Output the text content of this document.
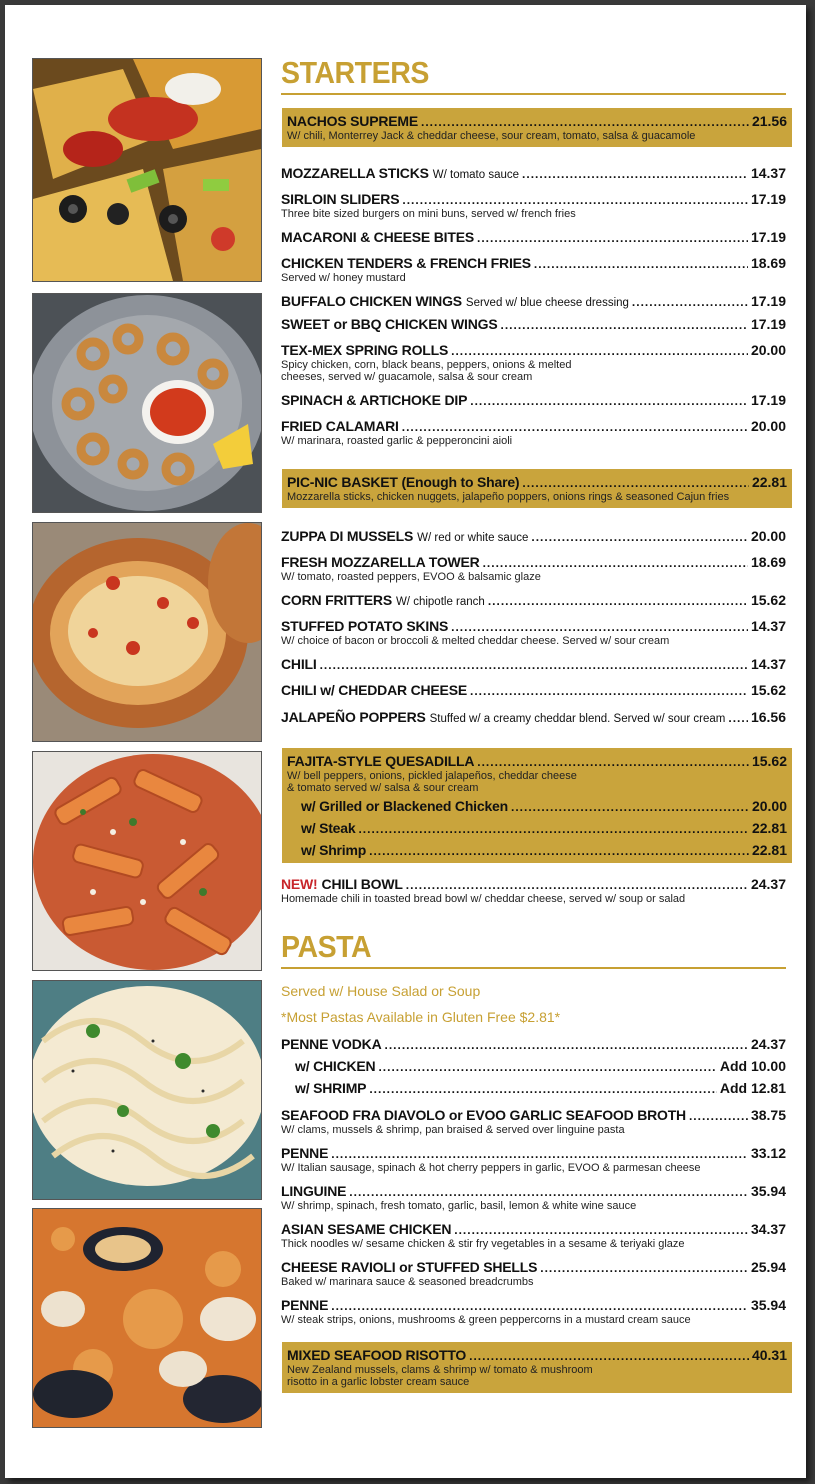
STARTERS
NACHOS SUPREME .....	21.56
W/ chili, Monterrey Jack & cheddar cheese, sour cream, tomato, salsa & guacamole
MOZZARELLA STICKS W/ tomato sauce .....	14.37
SIRLOIN SLIDERS .....	17.19
Three bite sized burgers on mini buns, served w/ french fries
MACARONI & CHEESE BITES .....	17.19
CHICKEN TENDERS & FRENCH FRIES .....	18.69
Served w/ honey mustard
BUFFALO CHICKEN WINGS Served w/ blue cheese dressing .....	17.19
SWEET or BBQ CHICKEN WINGS .....	17.19
TEX-MEX SPRING ROLLS .....	20.00
Spicy chicken, corn, black beans, peppers, onions & melted
cheeses, served w/ guacamole, salsa & sour cream
SPINACH & ARTICHOKE DIP .....	17.19
FRIED CALAMARI .....	20.00
W/ marinara, roasted garlic & pepperoncini aioli
PIC-NIC BASKET (Enough to Share) .....	22.81
Mozzarella sticks, chicken nuggets, jalapeño poppers, onions rings & seasoned Cajun fries
ZUPPA DI MUSSELS W/ red or white sauce .....	20.00
FRESH MOZZARELLA TOWER .....	18.69
W/ tomato, roasted peppers, EVOO & balsamic glaze
CORN FRITTERS W/ chipotle ranch .....	15.62
STUFFED POTATO SKINS .....	14.37
W/ choice of bacon or broccoli & melted cheddar cheese. Served w/ sour cream
CHILI .....	14.37
CHILI w/ CHEDDAR CHEESE .....	15.62
JALAPEÑO POPPERS Stuffed w/ a creamy cheddar blend. Served w/ sour cream ..... 16.56
FAJITA-STYLE QUESADILLA .....	15.62
W/ bell peppers, onions, pickled jalapeños, cheddar cheese
& tomato served w/ salsa & sour cream
w/ Grilled or Blackened Chicken .....	20.00
w/ Steak .....	22.81
w/ Shrimp .....	22.81
NEW! CHILI BOWL .....	24.37
Homemade chili in toasted bread bowl w/ cheddar cheese, served w/ soup or salad
PASTA
Served w/ House Salad or Soup
*Most Pastas Available in Gluten Free $2.81*
PENNE VODKA .....	24.37
w/ CHICKEN .....	Add 10.00
w/ SHRIMP .....	Add 12.81
SEAFOOD FRA DIAVOLO or EVOO GARLIC SEAFOOD BROTH .....	38.75
W/ clams, mussels & shrimp, pan braised & served over linguine pasta
PENNE .....	33.12
W/ Italian sausage, spinach & hot cherry peppers in garlic, EVOO & parmesan cheese
LINGUINE .....	35.94
W/ shrimp, spinach, fresh tomato, garlic, basil, lemon & white wine sauce
ASIAN SESAME CHICKEN .....	34.37
Thick noodles w/ sesame chicken & stir fry vegetables in a sesame & teriyaki glaze
CHEESE RAVIOLI or STUFFED SHELLS .....	25.94
Baked w/ marinara sauce & seasoned breadcrumbs
PENNE .....	35.94
W/ steak strips, onions, mushrooms & green peppercorns in a mustard cream sauce
MIXED SEAFOOD RISOTTO .....	40.31
New Zealand mussels, clams & shrimp w/ tomato & mushroom
risotto in a garlic lobster cream sauce
